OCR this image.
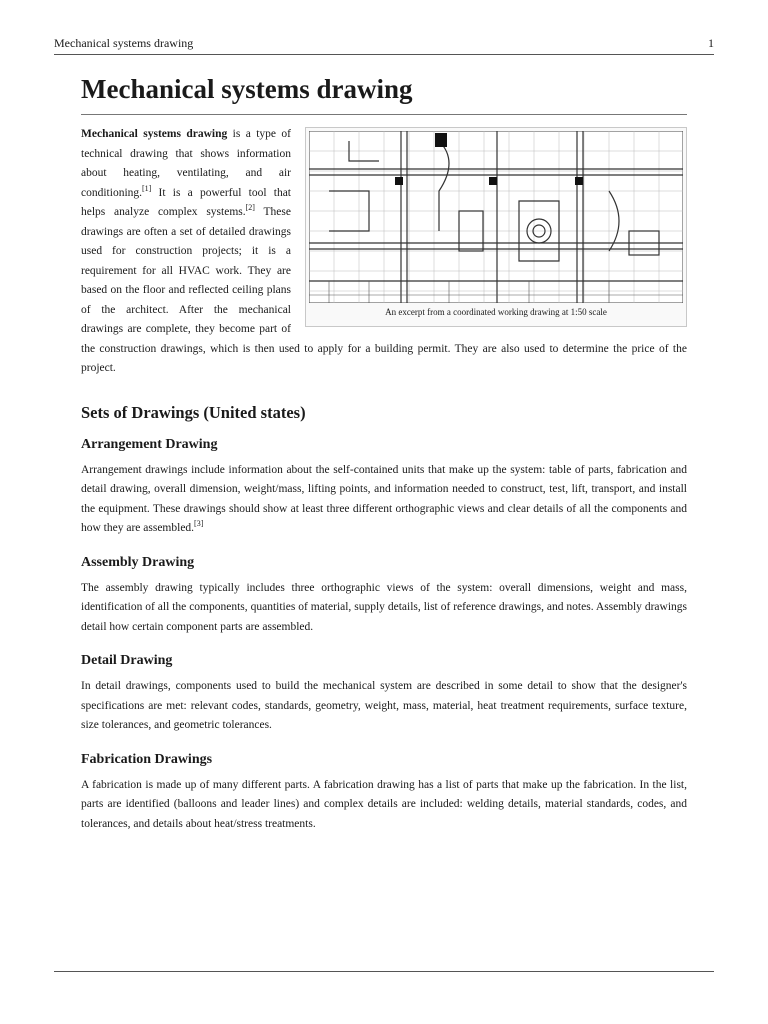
Mechanical systems drawing	1
Mechanical systems drawing
An excerpt from a coordinated working drawing at 1:50 scale

Mechanical systems drawing is a type of technical drawing that shows information about heating, ventilating, and air conditioning.[1] It is a powerful tool that helps analyze complex systems.[2] These drawings are often a set of detailed drawings used for construction projects; it is a requirement for all HVAC work. They are based on the floor and reflected ceiling plans of the architect. After the mechanical drawings are complete, they become part of the construction drawings, which is then used to apply for a building permit. They are also used to determine the price of the project.

Sets of Drawings (United states)
Arrangement Drawing

Arrangement drawings include information about the self-contained units that make up the system: table of parts, fabrication and detail drawing, overall dimension, weight/mass, lifting points, and information needed to construct, test, lift, transport, and install the equipment. These drawings should show at least three different orthographic views and clear details of all the components and how they are assembled.[3]

Assembly Drawing

The assembly drawing typically includes three orthographic views of the system: overall dimensions, weight and mass, identification of all the components, quantities of material, supply details, list of reference drawings, and notes. Assembly drawings detail how certain component parts are assembled.

Detail Drawing

In detail drawings, components used to build the mechanical system are described in some detail to show that the designer's specifications are met: relevant codes, standards, geometry, weight, mass, material, heat treatment requirements, surface texture, size tolerances, and geometric tolerances.

Fabrication Drawings

A fabrication is made up of many different parts. A fabrication drawing has a list of parts that make up the fabrication. In the list, parts are identified (balloons and leader lines) and complex details are included: welding details, material standards, codes, and tolerances, and details about heat/stress treatments.
